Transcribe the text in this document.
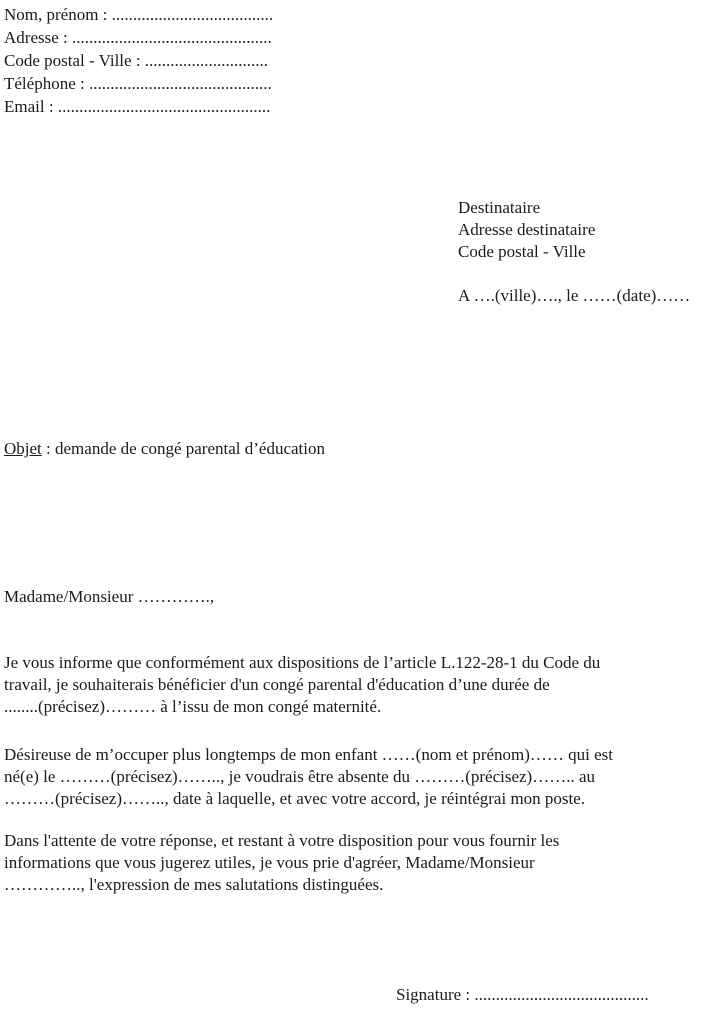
Nom, prénom : ......................................
Adresse : ...............................................
Code postal - Ville : .............................
Téléphone : ...........................................
Email : ..................................................
Destinataire
Adresse destinataire
Code postal - Ville
A ….(ville)…., le ……(date)……
Objet : demande de congé parental d’éducation
Madame/Monsieur ………….,
Je vous informe que conformément aux dispositions de l’article L.122-28-1 du Code du
travail, je souhaiterais bénéficier d'un congé parental d'éducation d’une durée de
........(précisez)……… à l’issu de mon congé maternité.
Désireuse de m’occuper plus longtemps de mon enfant ……(nom et prénom)…… qui est
né(e) le ………(précisez)…….., je voudrais être absente du ………(précisez)…….. au
………(précisez)…….., date à laquelle, et avec votre accord, je réintégrai mon poste.
Dans l'attente de votre réponse, et restant à votre disposition pour vous fournir les
informations que vous jugerez utiles, je vous prie d'agréer, Madame/Monsieur
………….., l'expression de mes salutations distinguées.
Signature : .........................................
